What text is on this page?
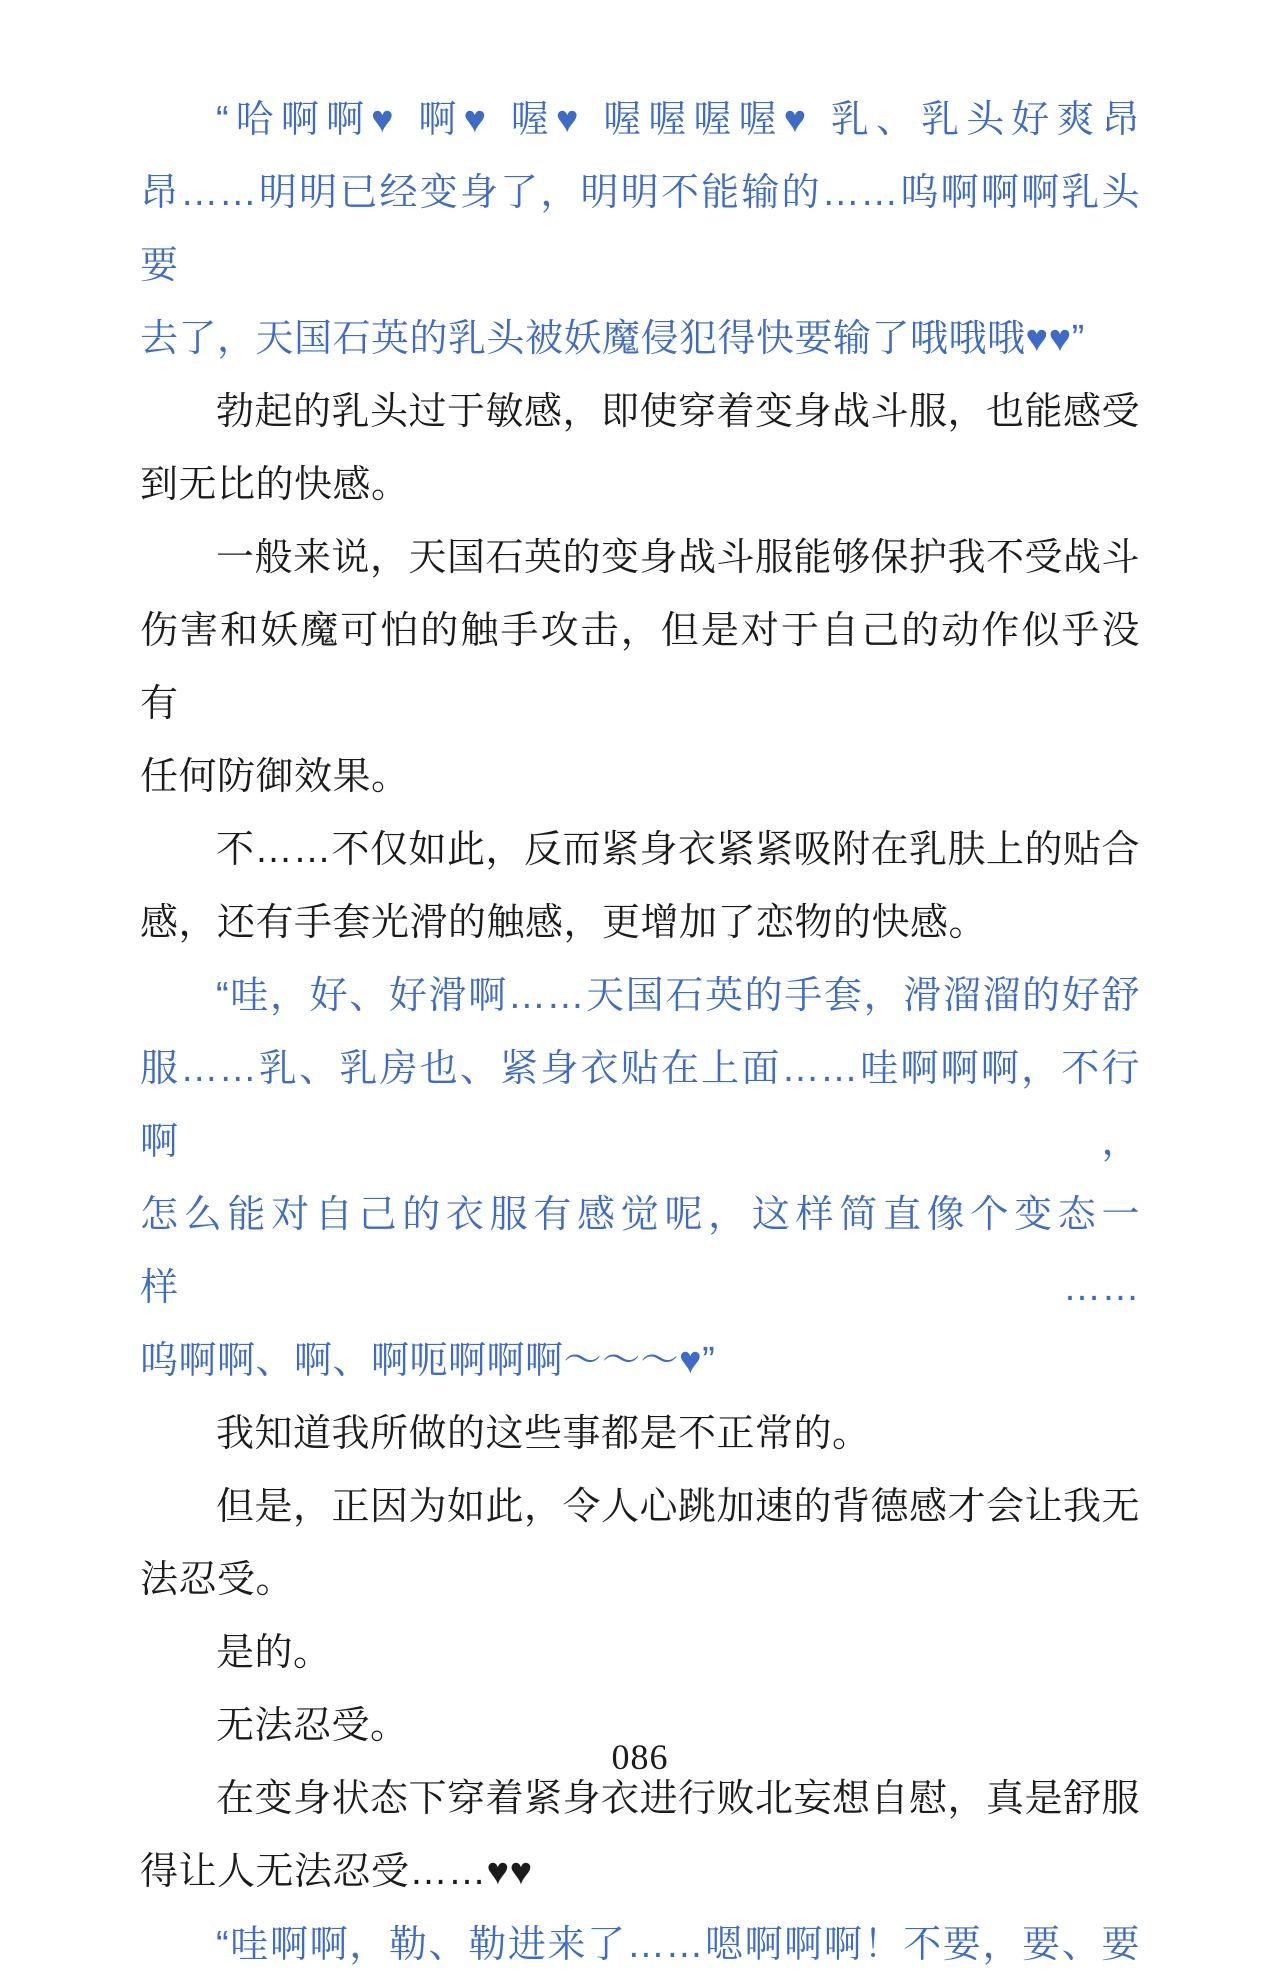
“哈啊啊♥ 啊♥ 喔♥ 喔喔喔喔♥ 乳、乳头好爽昂
昂……明明已经变身了，明明不能输的……呜啊啊啊乳头要
去了，天国石英的乳头被妖魔侵犯得快要输了哦哦哦♥♥”
勃起的乳头过于敏感，即使穿着变身战斗服，也能感受
到无比的快感。
一般来说，天国石英的变身战斗服能够保护我不受战斗
伤害和妖魔可怕的触手攻击，但是对于自己的动作似乎没有
任何防御效果。
不……不仅如此，反而紧身衣紧紧吸附在乳肤上的贴合
感，还有手套光滑的触感，更增加了恋物的快感。
“哇，好、好滑啊……天国石英的手套，滑溜溜的好舒
服……乳、乳房也、紧身衣贴在上面……哇啊啊啊，不行啊，
怎么能对自己的衣服有感觉呢，这样简直像个变态一样……
呜啊啊、啊、啊呃啊啊啊～～～♥”
我知道我所做的这些事都是不正常的。
但是，正因为如此，令人心跳加速的背德感才会让我无
法忍受。
是的。
无法忍受。
在变身状态下穿着紧身衣进行败北妄想自慰，真是舒服
得让人无法忍受……♥♥
“哇啊啊，勒、勒进来了……嗯啊啊啊！不要，要、要
086
